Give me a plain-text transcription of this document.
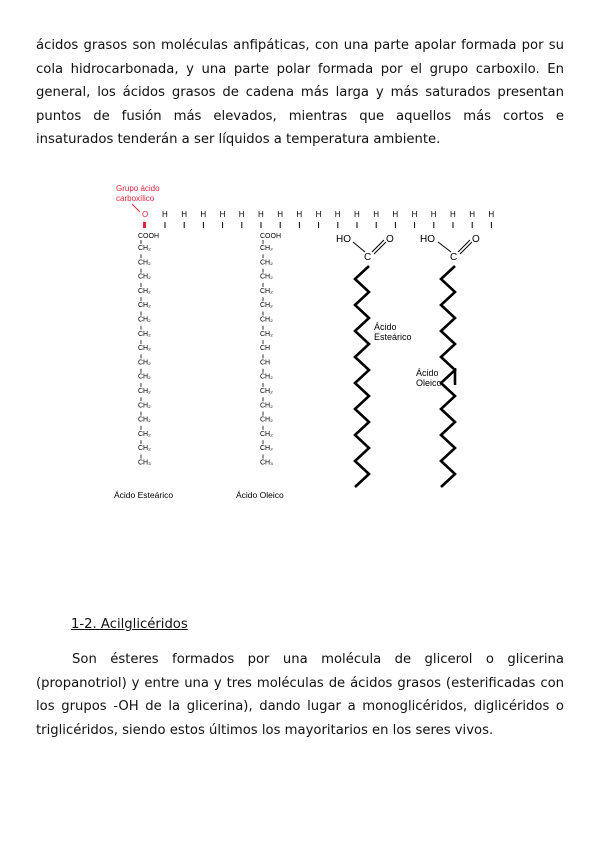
ácidos grasos son moléculas anfipáticas, con una parte apolar formada por su cola hidrocarbonada, y una parte polar formada por el grupo carboxilo. En general, los ácidos grasos de cadena más larga y más saturados presentan puntos de fusión más elevados, mientras que aquellos más cortos e insaturados tenderán a ser líquidos a temperatura ambiente.

Grupo ácido
carboxílico
O H H H H H H H H H H H H H H H H H H
COOH
CH₂
CH₂
CH₂
CH₂
CH₂
CH₂
CH₂
CH₂
CH₂
CH₂
CH₂
CH₂
CH₂
CH₂
CH₂
CH₃
COOH
CH₂
CH₂
CH₂
CH₂
CH₂
CH₂
CH₂
CH
CH
CH₂
CH₂
CH₂
CH₂
CH₂
CH₂
CH₃
Ácido Esteárico	Ácido Oleico
HO	O
C
Ácido
Esteárico
HO	O
C
Ácido
Oleico

1-2. Acilglicéridos

Son ésteres formados por una molécula de glicerol o glicerina (propanotriol) y entre una y tres moléculas de ácidos grasos (esterificadas con los grupos -OH de la glicerina), dando lugar a monoglicéridos, diglicéridos o triglicéridos, siendo estos últimos los mayoritarios en los seres vivos.
